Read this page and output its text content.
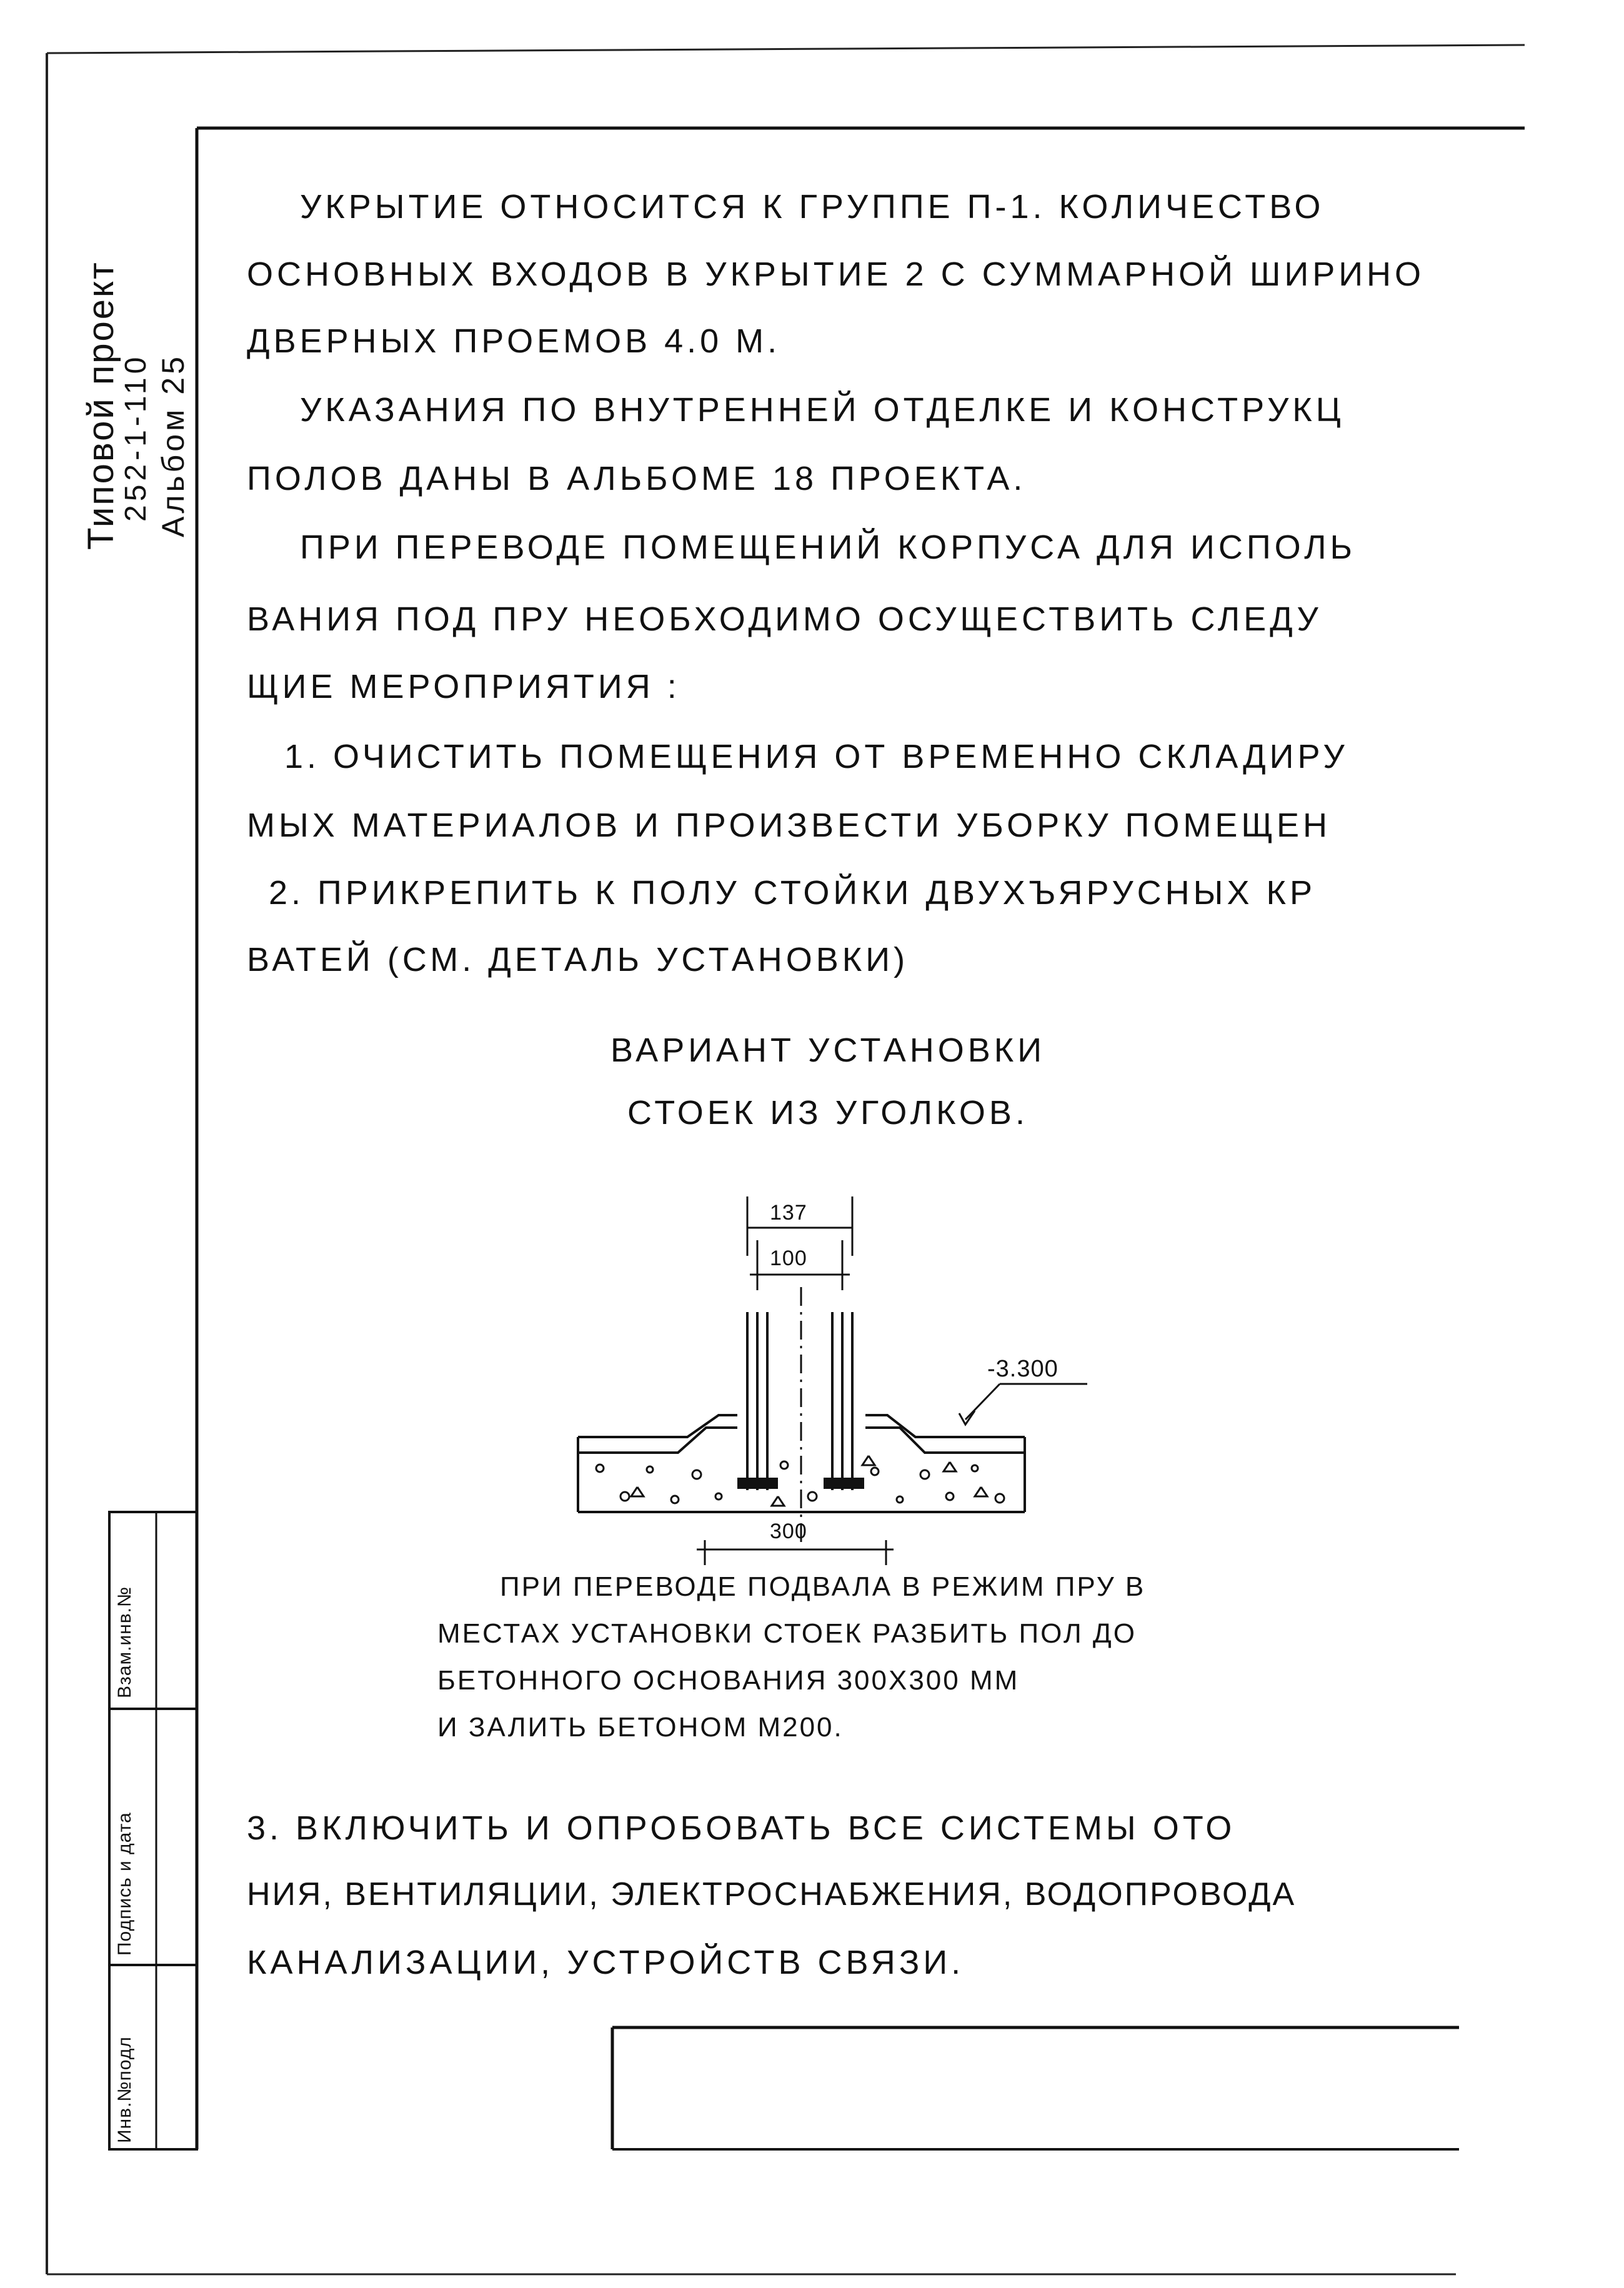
Типовой проект
252-1-110 Альбом 25
Взам.инв.№
Подпись и дата
Инв.№подл
УКРЫТИЕ ОТНОСИТСЯ К ГРУППЕ П-1. КОЛИЧЕСТВО
ОСНОВНЫХ ВХОДОВ В УКРЫТИЕ 2 С СУММАРНОЙ ШИРИНО
ДВЕРНЫХ ПРОЕМОВ 4.0 М.
УКАЗАНИЯ ПО ВНУТРЕННЕЙ ОТДЕЛКЕ И КОНСТРУКЦ
ПОЛОВ ДАНЫ В АЛЬБОМЕ 18 ПРОЕКТА.
ПРИ ПЕРЕВОДЕ ПОМЕЩЕНИЙ КОРПУСА ДЛЯ ИСПОЛЬ
ВАНИЯ ПОД ПРУ НЕОБХОДИМО ОСУЩЕСТВИТЬ СЛЕДУ
ЩИЕ МЕРОПРИЯТИЯ :
1. ОЧИСТИТЬ ПОМЕЩЕНИЯ ОТ ВРЕМЕННО СКЛАДИРУ
МЫХ МАТЕРИАЛОВ И ПРОИЗВЕСТИ УБОРКУ ПОМЕЩЕН
2. ПРИКРЕПИТЬ К ПОЛУ СТОЙКИ ДВУХЪЯРУСНЫХ КР
ВАТЕЙ (СМ. ДЕТАЛЬ УСТАНОВКИ)
ВАРИАНТ УСТАНОВКИ
СТОЕК ИЗ УГОЛКОВ.
137
100
300
-3.300
ПРИ ПЕРЕВОДЕ ПОДВАЛА В РЕЖИМ ПРУ В
МЕСТАХ УСТАНОВКИ СТОЕК РАЗБИТЬ ПОЛ ДО
БЕТОННОГО ОСНОВАНИЯ 300Х300 ММ
И ЗАЛИТЬ БЕТОНОМ М200.
3. ВКЛЮЧИТЬ И ОПРОБОВАТЬ ВСЕ СИСТЕМЫ ОТО
НИЯ, ВЕНТИЛЯЦИИ, ЭЛЕКТРОСНАБЖЕНИЯ, ВОДОПРОВОДА
КАНАЛИЗАЦИИ, УСТРОЙСТВ СВЯЗИ.
